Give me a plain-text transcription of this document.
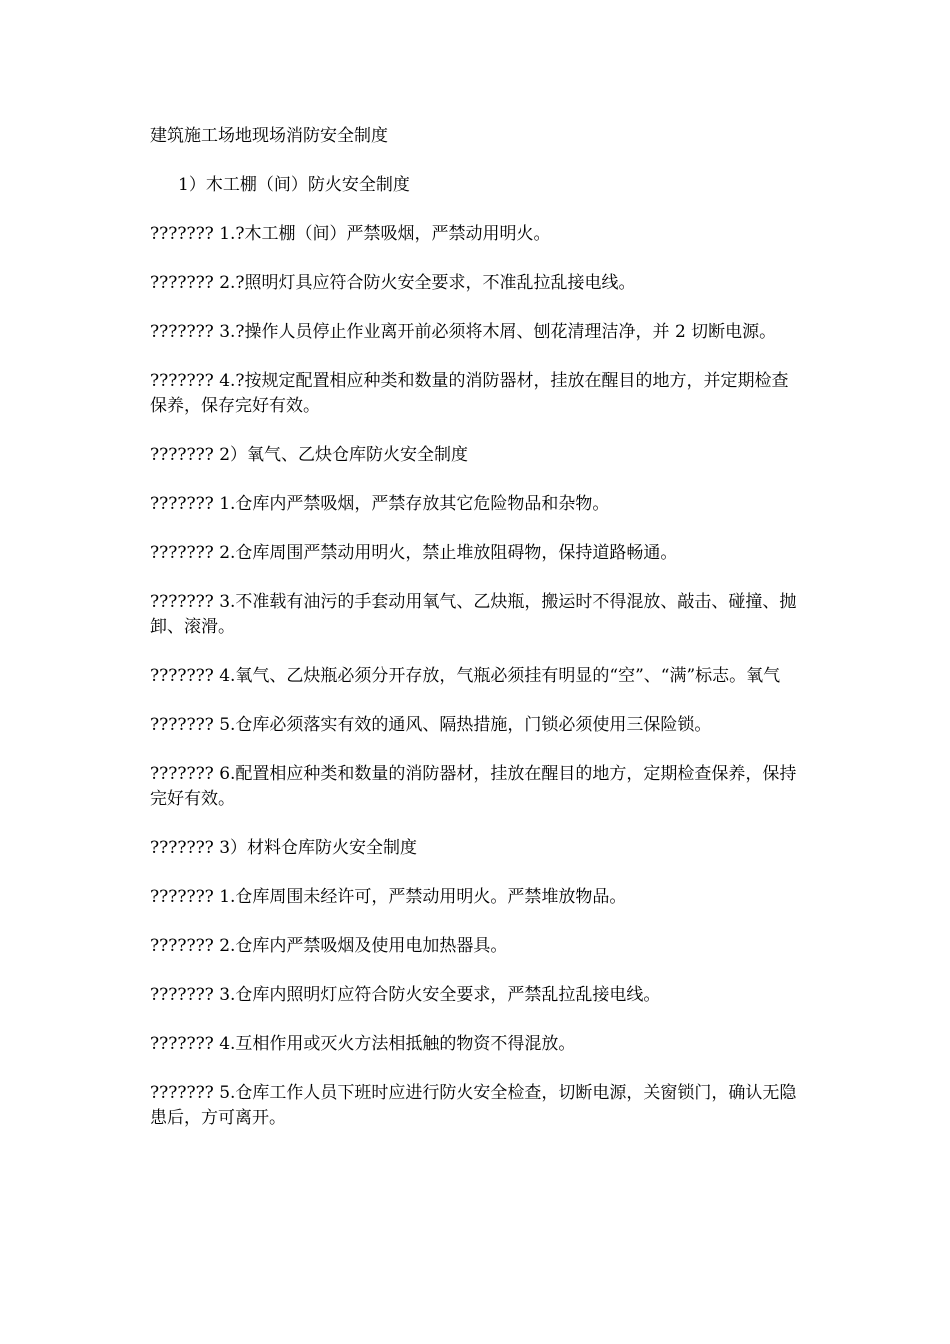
建筑施工场地现场消防安全制度

1）木工棚（间）防火安全制度

??????? 1.?木工棚（间）严禁吸烟，严禁动用明火。

??????? 2.?照明灯具应符合防火安全要求，不准乱拉乱接电线。

??????? 3.?操作人员停止作业离开前必须将木屑、刨花清理洁净，并 2 切断电源。

??????? 4.?按规定配置相应种类和数量的消防器材，挂放在醒目的地方，并定期检查保养，保存完好有效。

??????? 2）氧气、乙炔仓库防火安全制度

??????? 1.仓库内严禁吸烟，严禁存放其它危险物品和杂物。

??????? 2.仓库周围严禁动用明火，禁止堆放阻碍物，保持道路畅通。

??????? 3.不准载有油污的手套动用氧气、乙炔瓶，搬运时不得混放、敲击、碰撞、抛卸、滚滑。

??????? 4.氧气、乙炔瓶必须分开存放，气瓶必须挂有明显的“空”、“满”标志。氧气

??????? 5.仓库必须落实有效的通风、隔热措施，门锁必须使用三保险锁。

??????? 6.配置相应种类和数量的消防器材，挂放在醒目的地方，定期检查保养，保持完好有效。

??????? 3）材料仓库防火安全制度

??????? 1.仓库周围未经许可，严禁动用明火。严禁堆放物品。

??????? 2.仓库内严禁吸烟及使用电加热器具。

??????? 3.仓库内照明灯应符合防火安全要求，严禁乱拉乱接电线。

??????? 4.互相作用或灭火方法相抵触的物资不得混放。

??????? 5.仓库工作人员下班时应进行防火安全检查，切断电源，关窗锁门，确认无隐患后，方可离开。
